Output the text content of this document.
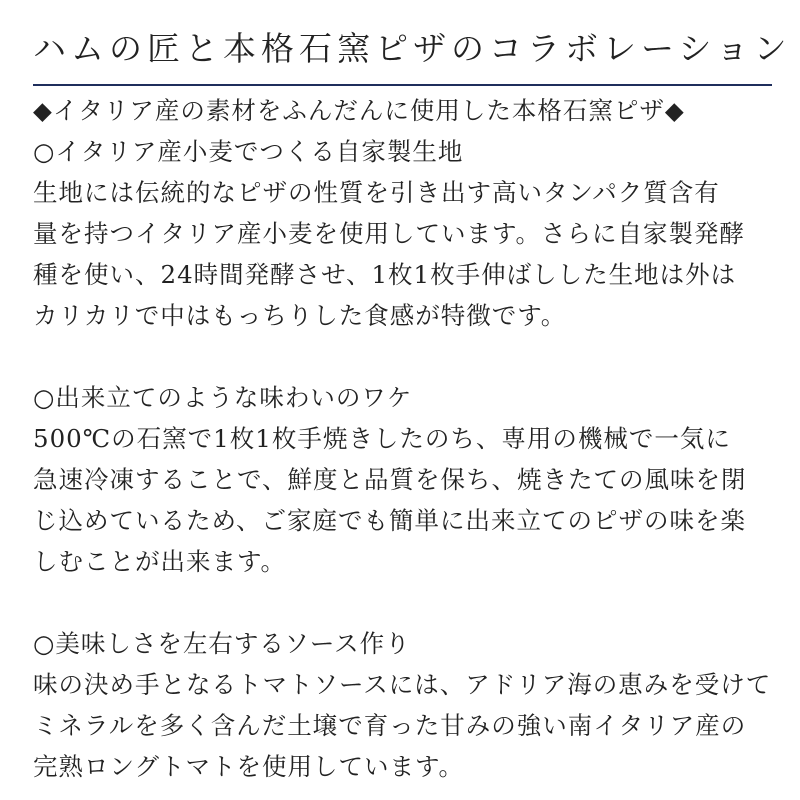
ハムの匠と本格石窯ピザのコラボレーション
◆イタリア産の素材をふんだんに使用した本格石窯ピザ◆
○イタリア産小麦でつくる自家製生地
生地には伝統的なピザの性質を引き出す高いタンパク質含有
量を持つイタリア産小麦を使用しています。さらに自家製発酵
種を使い、24時間発酵させ、1枚1枚手伸ばしした生地は外は
カリカリで中はもっちりした食感が特徴です。
○出来立てのような味わいのワケ
500℃の石窯で1枚1枚手焼きしたのち、専用の機械で一気に
急速冷凍することで、鮮度と品質を保ち、焼きたての風味を閉
じ込めているため、ご家庭でも簡単に出来立てのピザの味を楽
しむことが出来ます。
○美味しさを左右するソース作り
味の決め手となるトマトソースには、アドリア海の恵みを受けて
ミネラルを多く含んだ土壌で育った甘みの強い南イタリア産の
完熟ロングトマトを使用しています。
